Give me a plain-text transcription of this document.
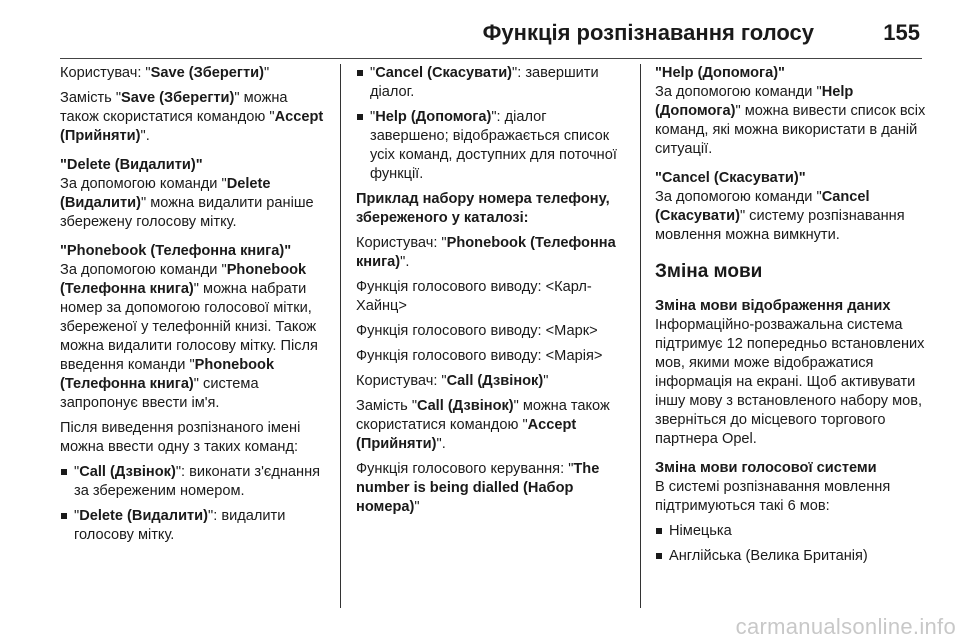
Функція розпізнавання голосу	155

Користувач: "Save (Зберегти)"

Замість "Save (Зберегти)" можна також скористатися командою "Accept (Прийняти)".

"Delete (Видалити)"

За допомогою команди "Delete (Видалити)" можна видалити раніше збережену голосову мітку.

"Phonebook (Телефонна книга)"

За допомогою команди "Phonebook (Телефонна книга)" можна набрати номер за допомогою голосової мітки, збереженої у телефонній книзі. Також можна видалити голосову мітку. Після введення команди "Phonebook (Телефонна книга)" система запропонує ввести ім'я.

Після виведення розпізнаного імені можна ввести одну з таких команд:

"Call (Дзвінок)": виконати з'єднання за збереженим номером.
"Delete (Видалити)": видалити голосову мітку.
"Cancel (Скасувати)": завершити діалог.
"Help (Допомога)": діалог завершено; відображається список усіх команд, доступних для поточної функції.

Приклад набору номера телефону, збереженого у каталозі:

Користувач: "Phonebook (Телефонна книга)".

Функція голосового виводу: <Карл-Хайнц>

Функція голосового виводу: <Марк>

Функція голосового виводу: <Марія>

Користувач: "Call (Дзвінок)"

Замість "Call (Дзвінок)" можна також скористатися командою "Accept (Прийняти)".

Функція голосового керування: "The number is being dialled (Набор номера)"

"Help (Допомога)"

За допомогою команди "Help (Допомога)" можна вивести список всіх команд, які можна використати в даній ситуації.

"Cancel (Скасувати)"

За допомогою команди "Cancel (Скасувати)" систему розпізнавання мовлення можна вимкнути.

Зміна мови

Зміна мови відображення даних

Інформаційно-розважальна система підтримує 12 попередньо встановлених мов, якими може відображатися інформація на екрані. Щоб активувати іншу мову з встановленого набору мов, зверніться до місцевого торгового партнера Opel.

Зміна мови голосової системи

В системі розпізнавання мовлення підтримуються такі 6 мов:

Німецька
Англійська (Велика Британія)
carmanualsonline.info
